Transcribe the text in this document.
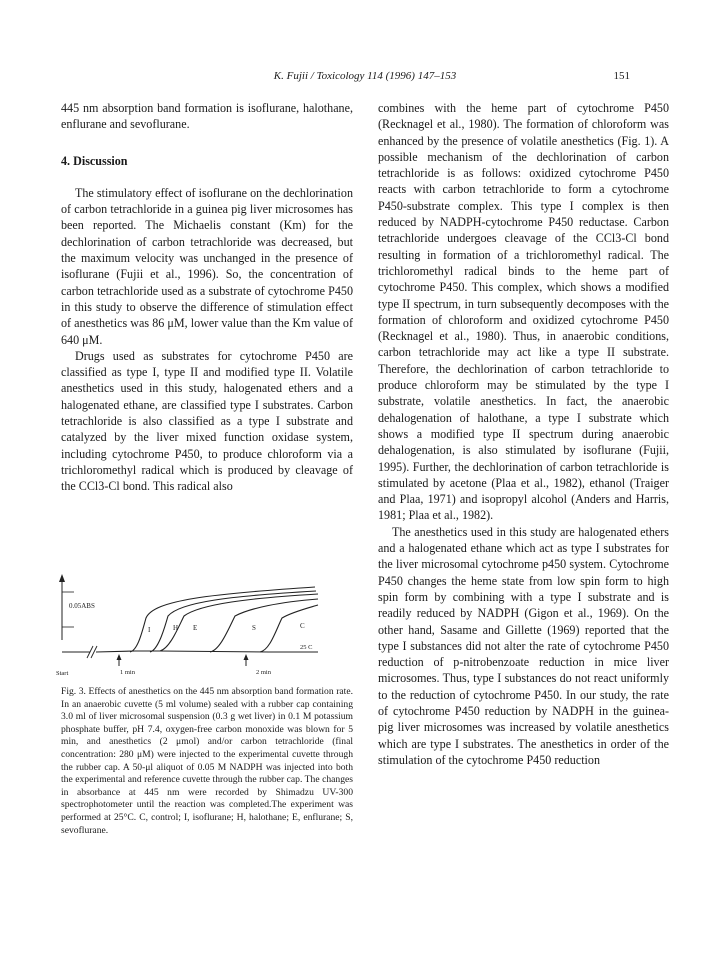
K. Fujii / Toxicology 114 (1996) 147–153	151

445 nm absorption band formation is isoflurane, halothane, enflurane and sevoflurane.

4. Discussion

The stimulatory effect of isoflurane on the dechlorination of carbon tetrachloride in a guinea pig liver microsomes has been reported. The Michaelis constant (Km) for the dechlorination of carbon tetrachloride was decreased, but the maximum velocity was unchanged in the presence of isoflurane (Fujii et al., 1996). So, the concentration of carbon tetrachloride used as a substrate of cytochrome P450 in this study to observe the difference of stimulation effect of anesthetics was 86 μM, lower value than the Km value of 640 μM.

Drugs used as substrates for cytochrome P450 are classified as type I, type II and modified type II. Volatile anesthetics used in this study, halogenated ethers and a halogenated ethane, are classified type I substrates. Carbon tetrachloride is also classified as a type I substrate and catalyzed by the liver mixed function oxidase system, including cytochrome P450, to produce chloroform via a trichloromethyl radical which is produced by cleavage of the CCl3-Cl bond. This radical also

0.05ABS
I	H E	S	C
25 C
Start	1 min	2 min
Fig. 3. Effects of anesthetics on the 445 nm absorption band formation rate. In an anaerobic cuvette (5 ml volume) sealed with a rubber cap containing 3.0 ml of liver microsomal suspension (0.3 g wet liver) in 0.1 M potassium phosphate buffer, pH 7.4, oxygen-free carbon monoxide was blown for 5 min, and anesthetics (2 μmol) and/or carbon tetrachloride (final concentration: 280 μM) were injected to the experimental cuvette through the rubber cap. A 50-μl aliquot of 0.05 M NADPH was injected into both the experimental and reference cuvette through the rubber cap. The changes in absorbance at 445 nm were recorded by Shimadzu UV-300 spectrophotometer until the reaction was completed.The experiment was performed at 25°C. C, control; I, isoflurane; H, halothane; E, enflurane; S, sevoflurane.

combines with the heme part of cytochrome P450 (Recknagel et al., 1980). The formation of chloroform was enhanced by the presence of volatile anesthetics (Fig. 1). A possible mechanism of the dechlorination of carbon tetrachloride is as follows: oxidized cytochrome P450 reacts with carbon tetrachloride to form a cytochrome P450-substrate complex. This type I complex is then reduced by NADPH-cytochrome P450 reductase. Carbon tetrachloride undergoes cleavage of the CCl3-Cl bond resulting in formation of a trichloromethyl radical. The trichloromethyl radical binds to the heme part of cytochrome P450. This complex, which shows a modified type II spectrum, in turn subsequently decomposes with the formation of chloroform and oxidized cytochrome P450 (Recknagel et al., 1980). Thus, in anaerobic conditions, carbon tetrachloride may act like a type II substrate. Therefore, the dechlorination of carbon tetrachloride to produce chloroform may be stimulated by the type I substrate, volatile anesthetics. In fact, the anaerobic dehalogenation of halothane, a type I substrate which shows a modified type II spectrum during anaerobic dehalogenation, is also stimulated by isoflurane (Fujii, 1995). Further, the dechlorination of carbon tetrachloride is stimulated by acetone (Plaa et al., 1982), ethanol (Traiger and Plaa, 1971) and isopropyl alcohol (Anders and Harris, 1981; Plaa et al., 1982).

The anesthetics used in this study are halogenated ethers and a halogenated ethane which act as type I substrates for the liver microsomal cytochrome p450 system. Cytochrome P450 changes the heme state from low spin form to high spin form by combining with a type I substrate and is readily reduced by NADPH (Gigon et al., 1969). On the other hand, Sasame and Gillette (1969) reported that the type I substances did not alter the rate of cytochrome P450 reduction of p-nitrobenzoate reduction in mice liver microsomes. Thus, type I substances do not react uniformly to the reduction of cytochrome P450. In our study, the rate of cytochrome P450 reduction by NADPH in the guinea-pig liver microsomes was increased by volatile anesthetics which are type I substrates. The anesthetics in order of the stimulation of the cytochrome P450 reduction
